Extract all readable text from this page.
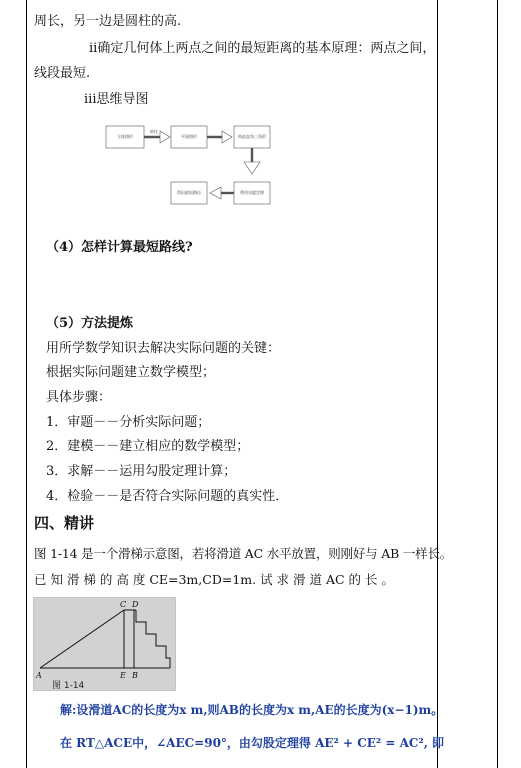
周长，另一边是圆柱的高.
ii确定几何体上两点之间的最短距离的基本原理：两点之间，
线段最短.
iii思维导图
立体图形
转化
平面图形	构造直角三角形
利用勾股定理
得出最短路径
（4）怎样计算最短路线?
（5）方法提炼
用所学数学知识去解决实际问题的关键：
根据实际问题建立数学模型；
具体步骤：
1．审题－－分析实际问题；
2．建模－－建立相应的数学模型；
3．求解－－运用勾股定理计算；
4．检验－－是否符合实际问题的真实性．
四、精讲
图 1-14 是一个滑梯示意图，若将滑道 AC 水平放置，则刚好与 AB 一样长。
已 知 滑 梯 的 高 度 CE=3m,CD=1m. 试 求 滑 道 AC 的 长 。
C D
A	E B
图 1-14
解:设滑道AC的长度为x m,则AB的长度为x m,AE的长度为(x−1)m。
在 RT△ACE中，∠AEC=90°，由勾股定理得 AE² + CE² = AC², 即
